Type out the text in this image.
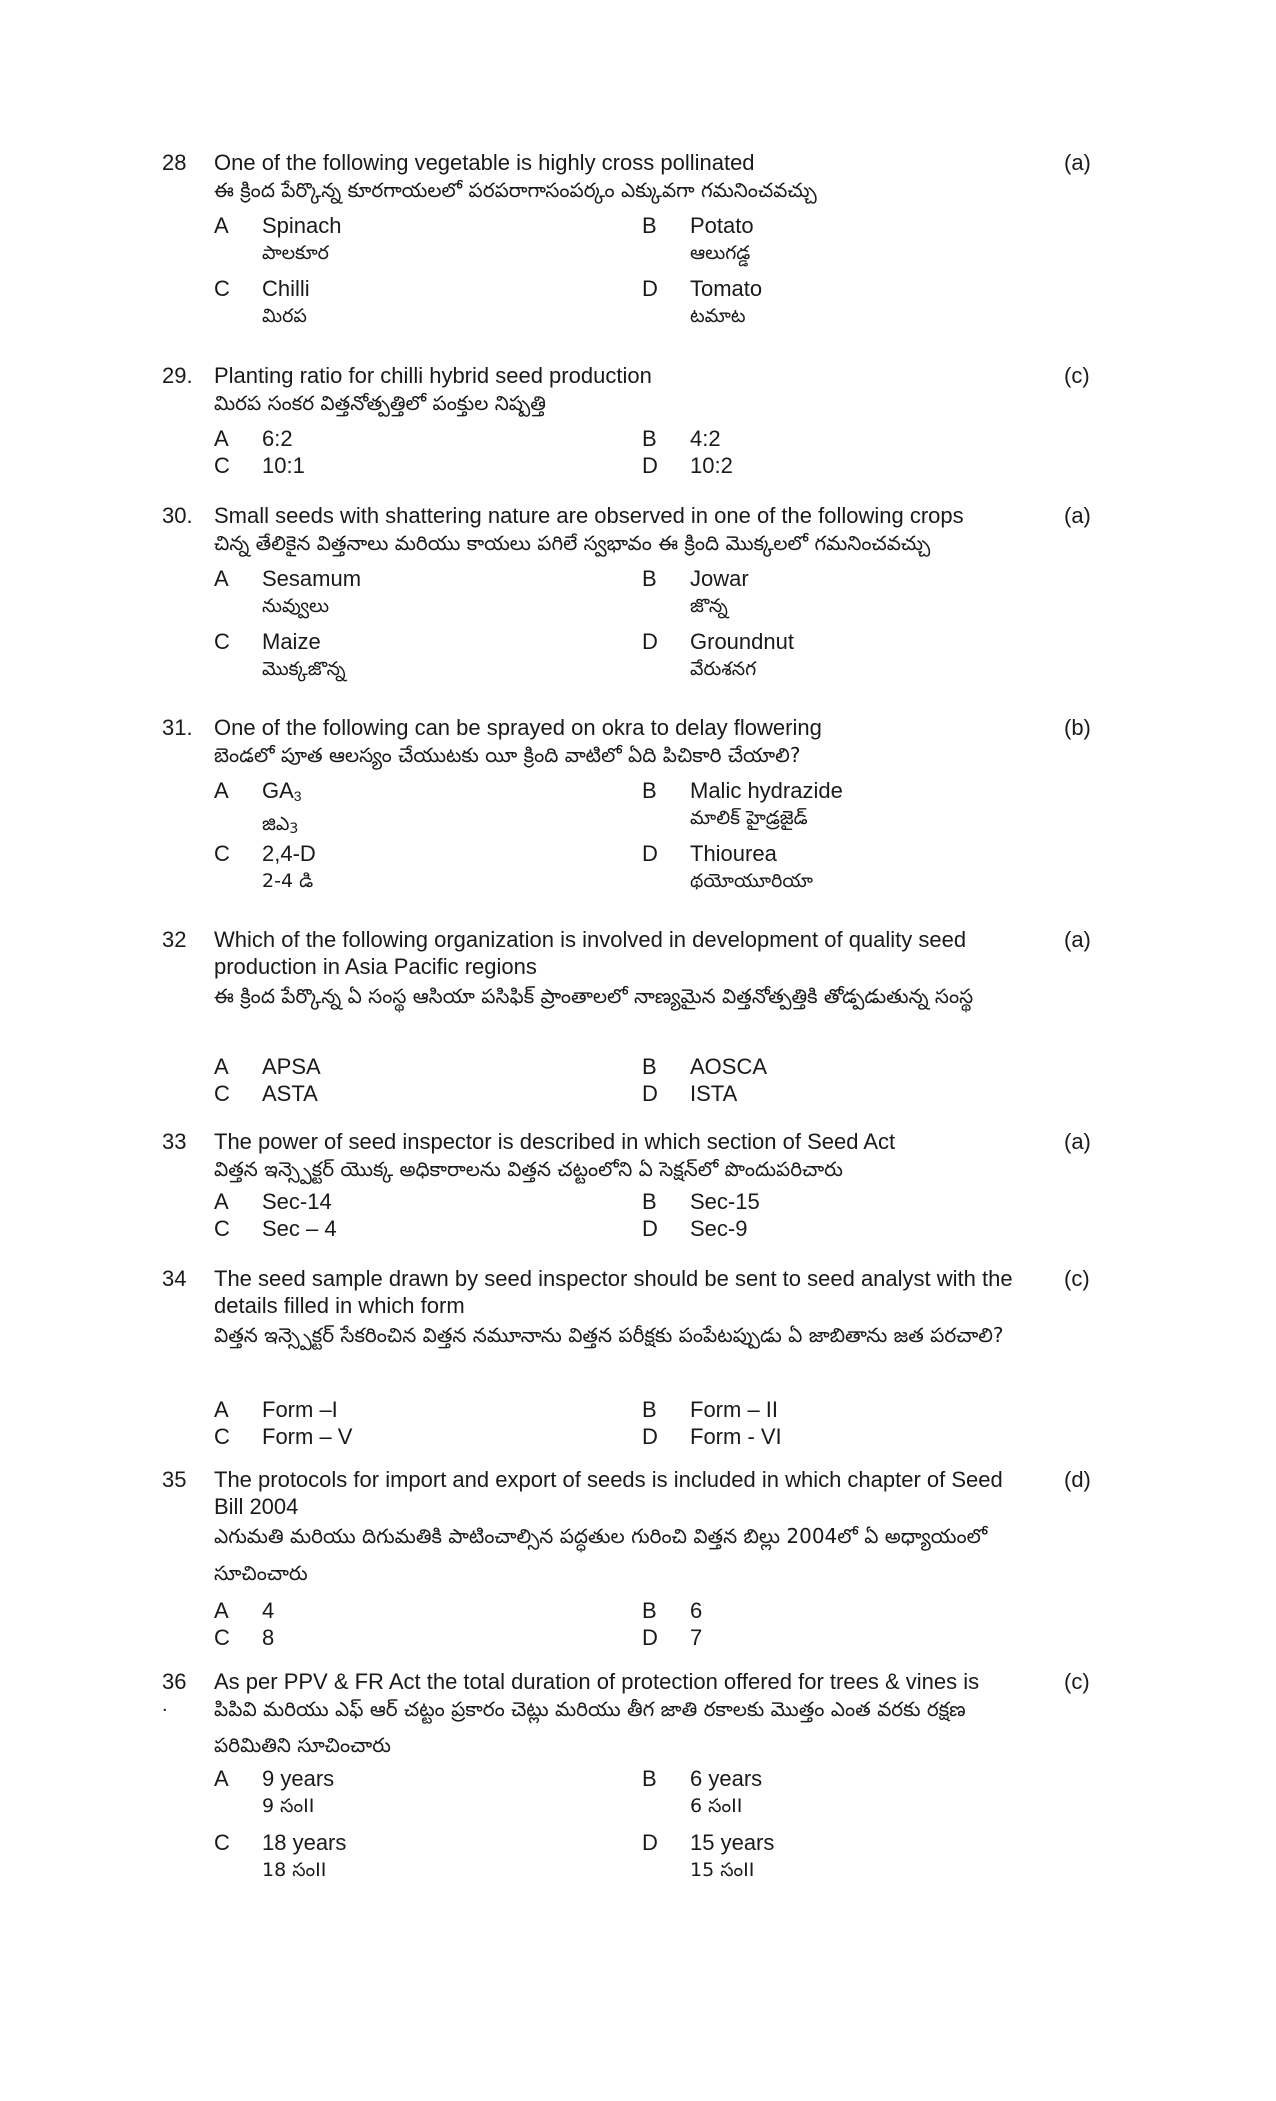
28 One of the following vegetable is highly cross pollinated
ఈ క్రింద పేర్కొన్న కూరగాయలలో పరపరాగాసంపర్కం ఎక్కువగా గమనించవచ్చు
(a)
A Spinach
పాలకూర
B Potato
ఆలుగడ్డ
C Chilli
మిరప
D Tomato
టమాట
29. Planting ratio for chilli hybrid seed production
మిరప సంకర విత్తనోత్పత్తిలో పంక్తుల నిష్పత్తి
(c)
A 6:2	B 4:2
C 10:1	D 10:2
30. Small seeds with shattering nature are observed in one of the following crops
చిన్న తేలికైన విత్తనాలు మరియు కాయలు పగిలే స్వభావం ఈ క్రింది మొక్కలలో గమనించవచ్చు
(a)
A Sesamum
నువ్వులు
B Jowar
జొన్న
C Maize
మొక్కజొన్న
D Groundnut
వేరుశనగ
31. One of the following can be sprayed on okra to delay flowering
బెండలో పూత ఆలస్యం చేయుటకు యీ క్రింది వాటిలో ఏది పిచికారి చేయాలి?
(b)
A $GA_3$
జిఎ$_3$
B Malic hydrazide
మాలిక్ హైడ్రజైడ్
C 2,4-D
2-4 డి
D Thiourea
థయోయూరియా
32 Which of the following organization is involved in development of quality seed production in Asia Pacific regions
ఈ క్రింద పేర్కొన్న ఏ సంస్థ ఆసియా పసిఫిక్ ప్రాంతాలలో నాణ్యమైన విత్తనోత్పత్తికి తోడ్పడుతున్న సంస్థ
(a)
A APSA	B AOSCA
C ASTA	D ISTA
33 The power of seed inspector is described in which section of Seed Act
విత్తన ఇన్స్పెక్టర్ యొక్క అధికారాలను విత్తన చట్టంలోని ఏ సెక్షన్‌లో పొందుపరిచారు
(a)
A Sec-14	B Sec-15
C Sec – 4	D Sec-9
34 The seed sample drawn by seed inspector should be sent to seed analyst with the details filled in which form
విత్తన ఇన్స్పెక్టర్ సేకరించిన విత్తన నమూనాను విత్తన పరీక్షకు పంపేటప్పుడు ఏ జాబితాను జత పరచాలి?
(c)
A Form –I	B Form – II
C Form – V	D Form - VI
35 The protocols for import and export of seeds is included in which chapter of Seed Bill 2004
ఎగుమతి మరియు దిగుమతికి పాటించాల్సిన పద్ధతుల గురించి విత్తన బిల్లు 2004లో ఏ అధ్యాయంలో సూచించారు
(d)
A 4	B 6
C 8	D 7
36
.
As per PPV & FR Act the total duration of protection offered for trees & vines is
పిపివి మరియు ఎఫ్ ఆర్ చట్టం ప్రకారం చెట్లు మరియు తీగ జాతి రకాలకు మొత్తం ఎంత వరకు రక్షణ పరిమితిని సూచించారు
(c)
A 9 years
9 సంII
B 6 years
6 సంII
C 18 years
18 సంII
D 15 years
15 సంII
